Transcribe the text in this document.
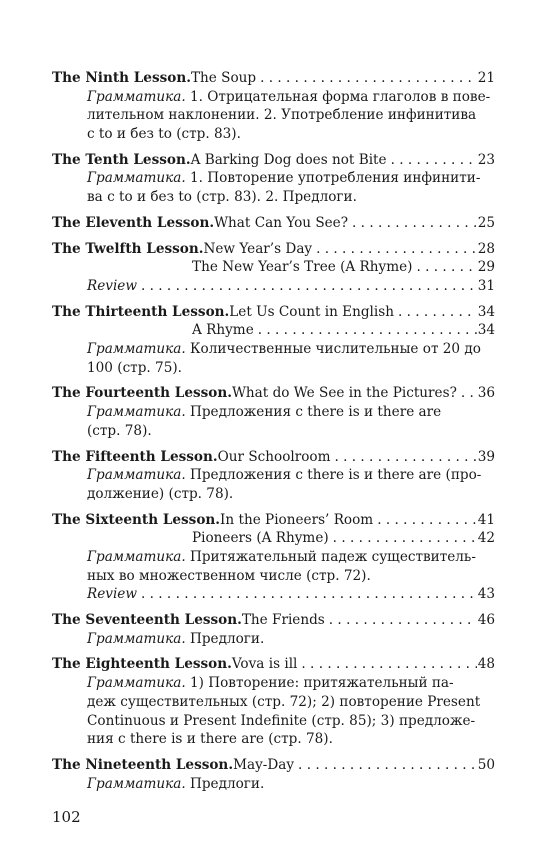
The Ninth Lesson. The Soup . . .	21
Грамматика. 1. Отрицательная форма глаголов в пове-
лительном наклонении. 2. Употребление инфинитива
с to и без to (стр. 83).
The Tenth Lesson. A Barking Dog does not Bite . . .	23
Грамматика. 1. Повторение употребления инфинити-
ва с to и без to (стр. 83). 2. Предлоги.
The Eleventh Lesson. What Can You See? . . .	25
The Twelfth Lesson. New Year’s Day . . .	28
The New Year’s Tree (A Rhyme) . . .	29
Review . . .	31
The Thirteenth Lesson. Let Us Count in English . . .	34
A Rhyme . . .	34
Грамматика. Количественные числительные от 20 до
100 (стр. 75).
The Fourteenth Lesson. What do We See in the Pictures? . . . 36
Грамматика. Предложения с there is и there are
(стр. 78).
The Fifteenth Lesson. Our Schoolroom . . .	39
Грамматика. Предложения с there is и there are (про-
должение) (стр. 78).
The Sixteenth Lesson. In the Pioneers’ Room . . .	41
Pioneers (A Rhyme) . . .	42
Грамматика. Притяжательный падеж существитель-
ных во множественном числе (стр. 72).
Review . . .	43
The Seventeenth Lesson. The Friends . . .	46
Грамматика. Предлоги.
The Eighteenth Lesson. Vova is ill . . .	48
Грамматика. 1) Повторение: притяжательный па-
деж существительных (стр. 72); 2) повторение Present
Continuous и Present Indefinite (стр. 85); 3) предложе-
ния с there is и there are (стр. 78).
The Nineteenth Lesson. May-Day . . .	50
Грамматика. Предлоги.
102
